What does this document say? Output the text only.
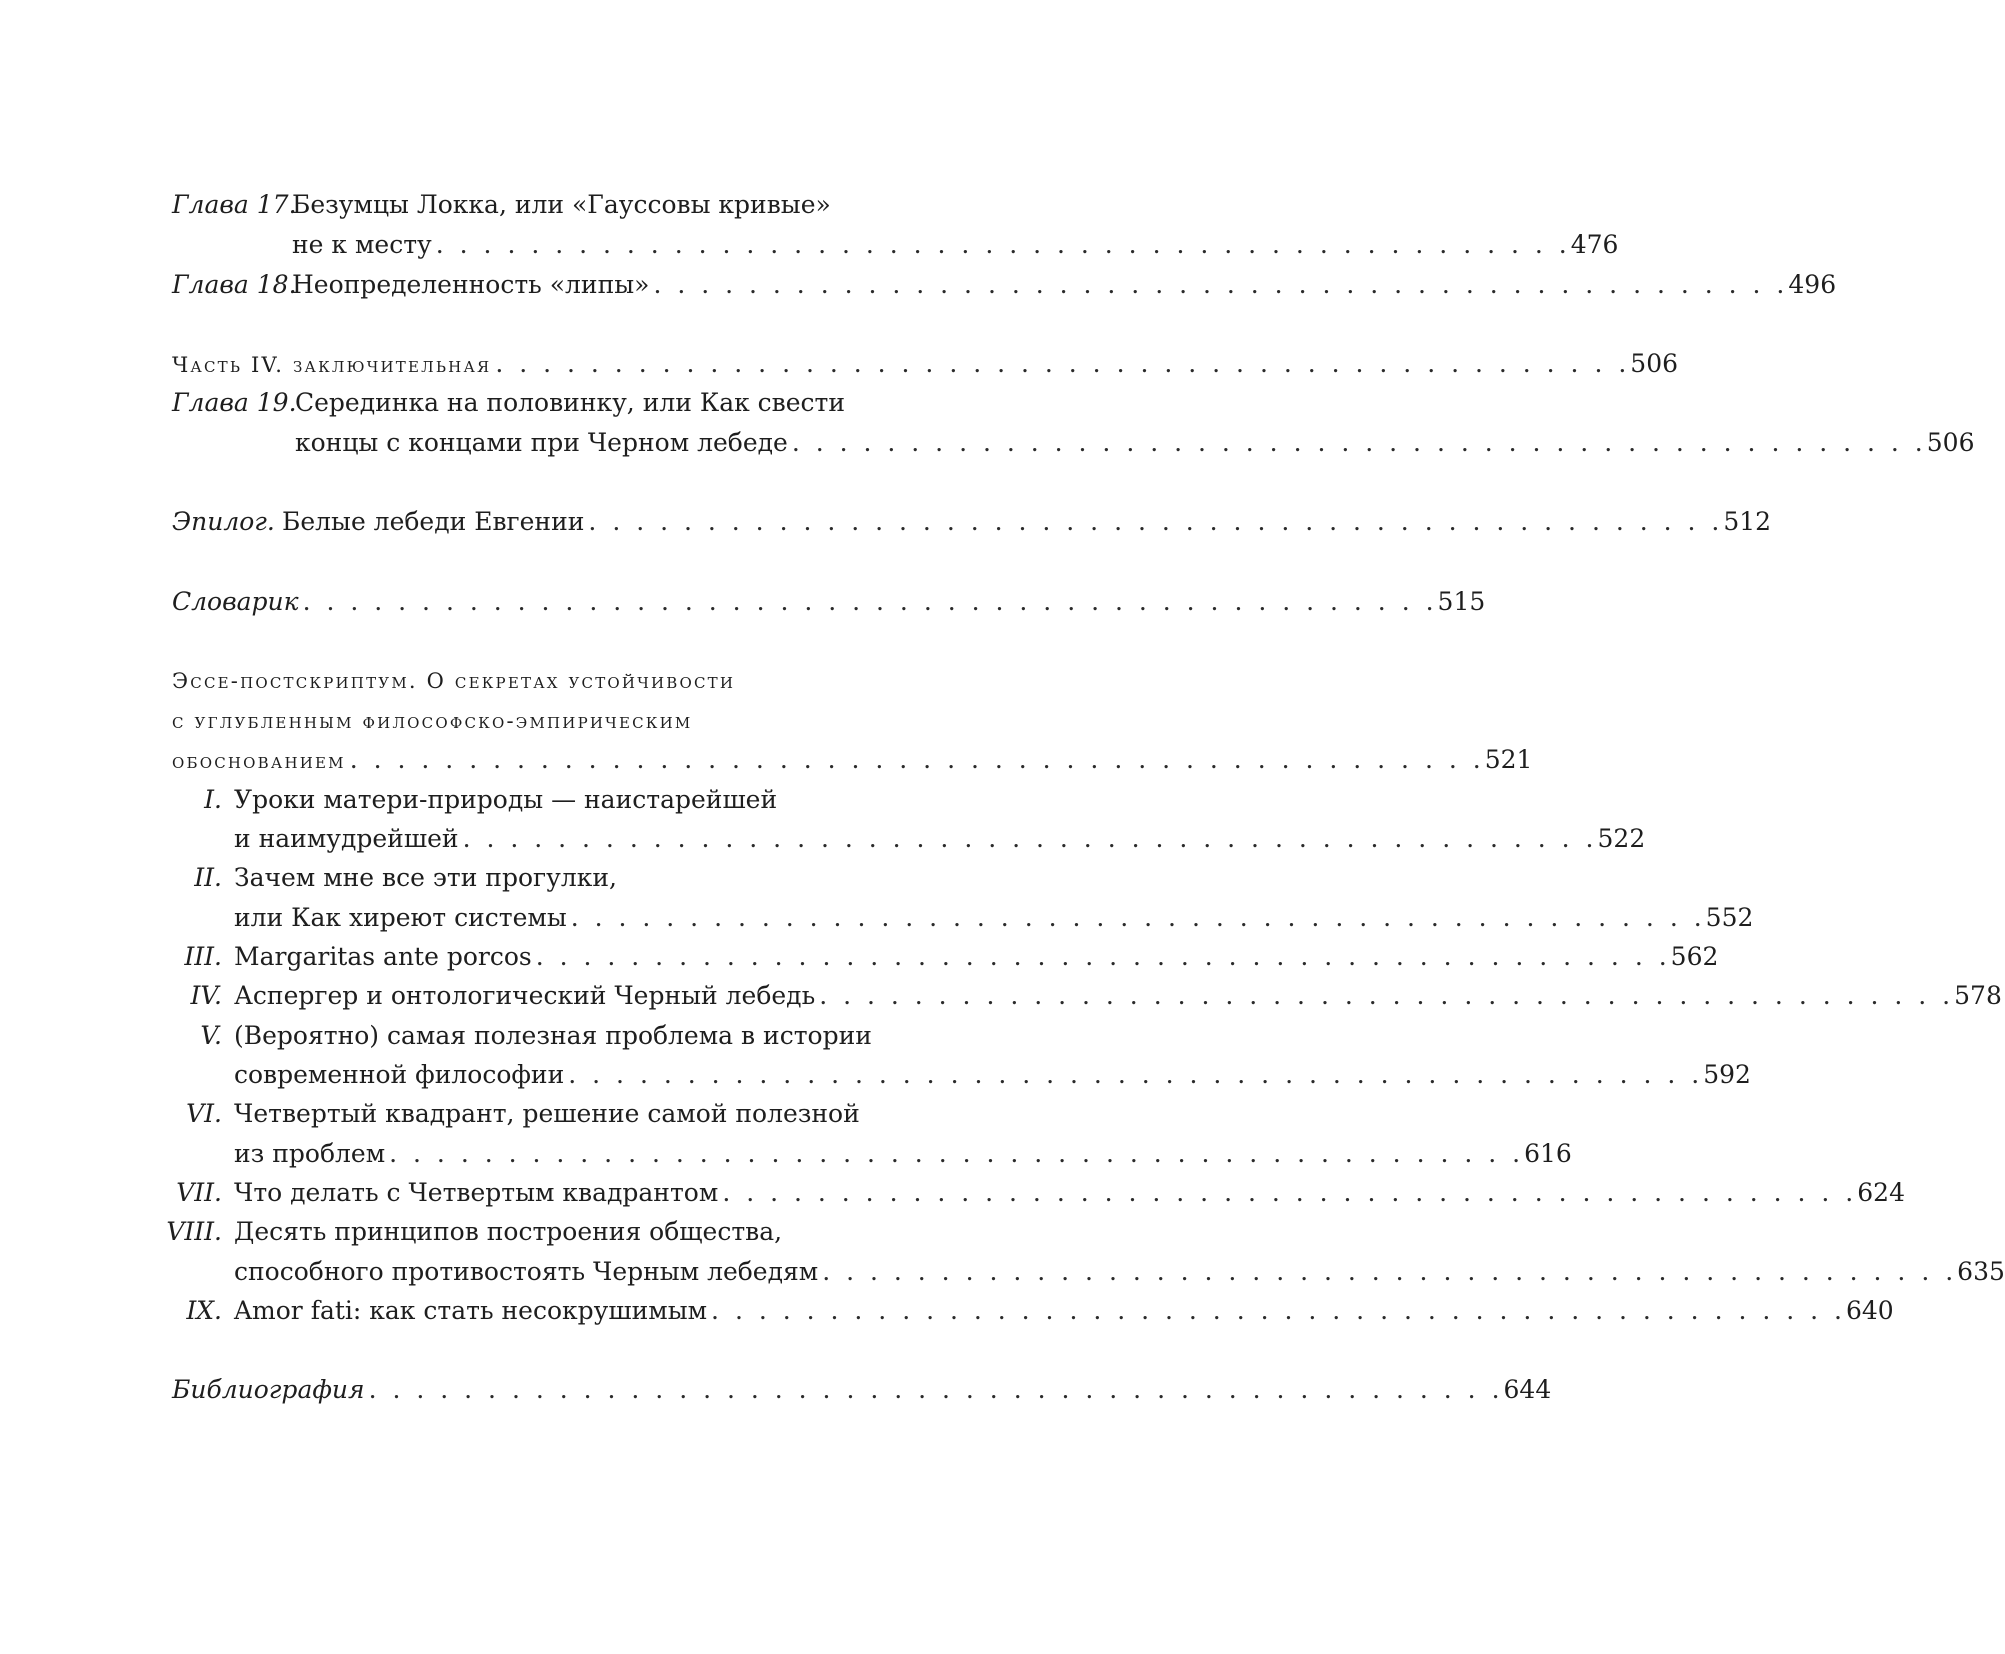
Глава 17.
Безумцы Локка, или «Гауссовы кривые»
не к месту . . . . . . . . . . . . . . . . . . . . . . . . . . . . . . . . . . . . . . . . . . . . . . . . 476
Глава 18.
Неопределенность «липы» . . . . . . . . . . . . . . . . . . . . . . . . . . . . . . . . . . . . . . . . . . . . . . . . 496
Часть IV. заключительная . . . . . . . . . . . . . . . . . . . . . . . . . . . . . . . . . . . . . . . . . . . . . . . . 506
Глава 19.
Серединка на половинку, или Как свести
концы с концами при Черном лебеде . . . . . . . . . . . . . . . . . . . . . . . . . . . . . . . . . . . . . . . . . . . . . . . . 506
Эпилог. Белые лебеди Евгении . . . . . . . . . . . . . . . . . . . . . . . . . . . . . . . . . . . . . . . . . . . . . . . . 512
Словарик . . . . . . . . . . . . . . . . . . . . . . . . . . . . . . . . . . . . . . . . . . . . . . . . 515
Эссе-постскриптум. О секретах устойчивости
с углубленным философско-эмпирическим
обоснованием . . . . . . . . . . . . . . . . . . . . . . . . . . . . . . . . . . . . . . . . . . . . . . . . 521
I. Уроки матери-природы — наистарейшей
и наимудрейшей . . . . . . . . . . . . . . . . . . . . . . . . . . . . . . . . . . . . . . . . . . . . . . . . 522
II. Зачем мне все эти прогулки,
или Как хиреют системы . . . . . . . . . . . . . . . . . . . . . . . . . . . . . . . . . . . . . . . . . . . . . . . . 552
III. Margaritas ante porcos . . . . . . . . . . . . . . . . . . . . . . . . . . . . . . . . . . . . . . . . . . . . . . . . 562
IV. Аспергер и онтологический Черный лебедь . . . . . . . . . . . . . . . . . . . . . . . . . . . . . . . . . . . . . . . . . . . . . . . . 578
V. (Вероятно) самая полезная проблема в истории
современной философии . . . . . . . . . . . . . . . . . . . . . . . . . . . . . . . . . . . . . . . . . . . . . . . . 592
VI. Четвертый квадрант, решение самой полезной
из проблем . . . . . . . . . . . . . . . . . . . . . . . . . . . . . . . . . . . . . . . . . . . . . . . . 616
VII. Что делать с Четвертым квадрантом . . . . . . . . . . . . . . . . . . . . . . . . . . . . . . . . . . . . . . . . . . . . . . . . 624
VIII. Десять принципов построения общества,
способного противостоять Черным лебедям . . . . . . . . . . . . . . . . . . . . . . . . . . . . . . . . . . . . . . . . . . . . . . . . 635
IX. Amor fati: как стать несокрушимым . . . . . . . . . . . . . . . . . . . . . . . . . . . . . . . . . . . . . . . . . . . . . . . . 640
Библиография . . . . . . . . . . . . . . . . . . . . . . . . . . . . . . . . . . . . . . . . . . . . . . . . 644
